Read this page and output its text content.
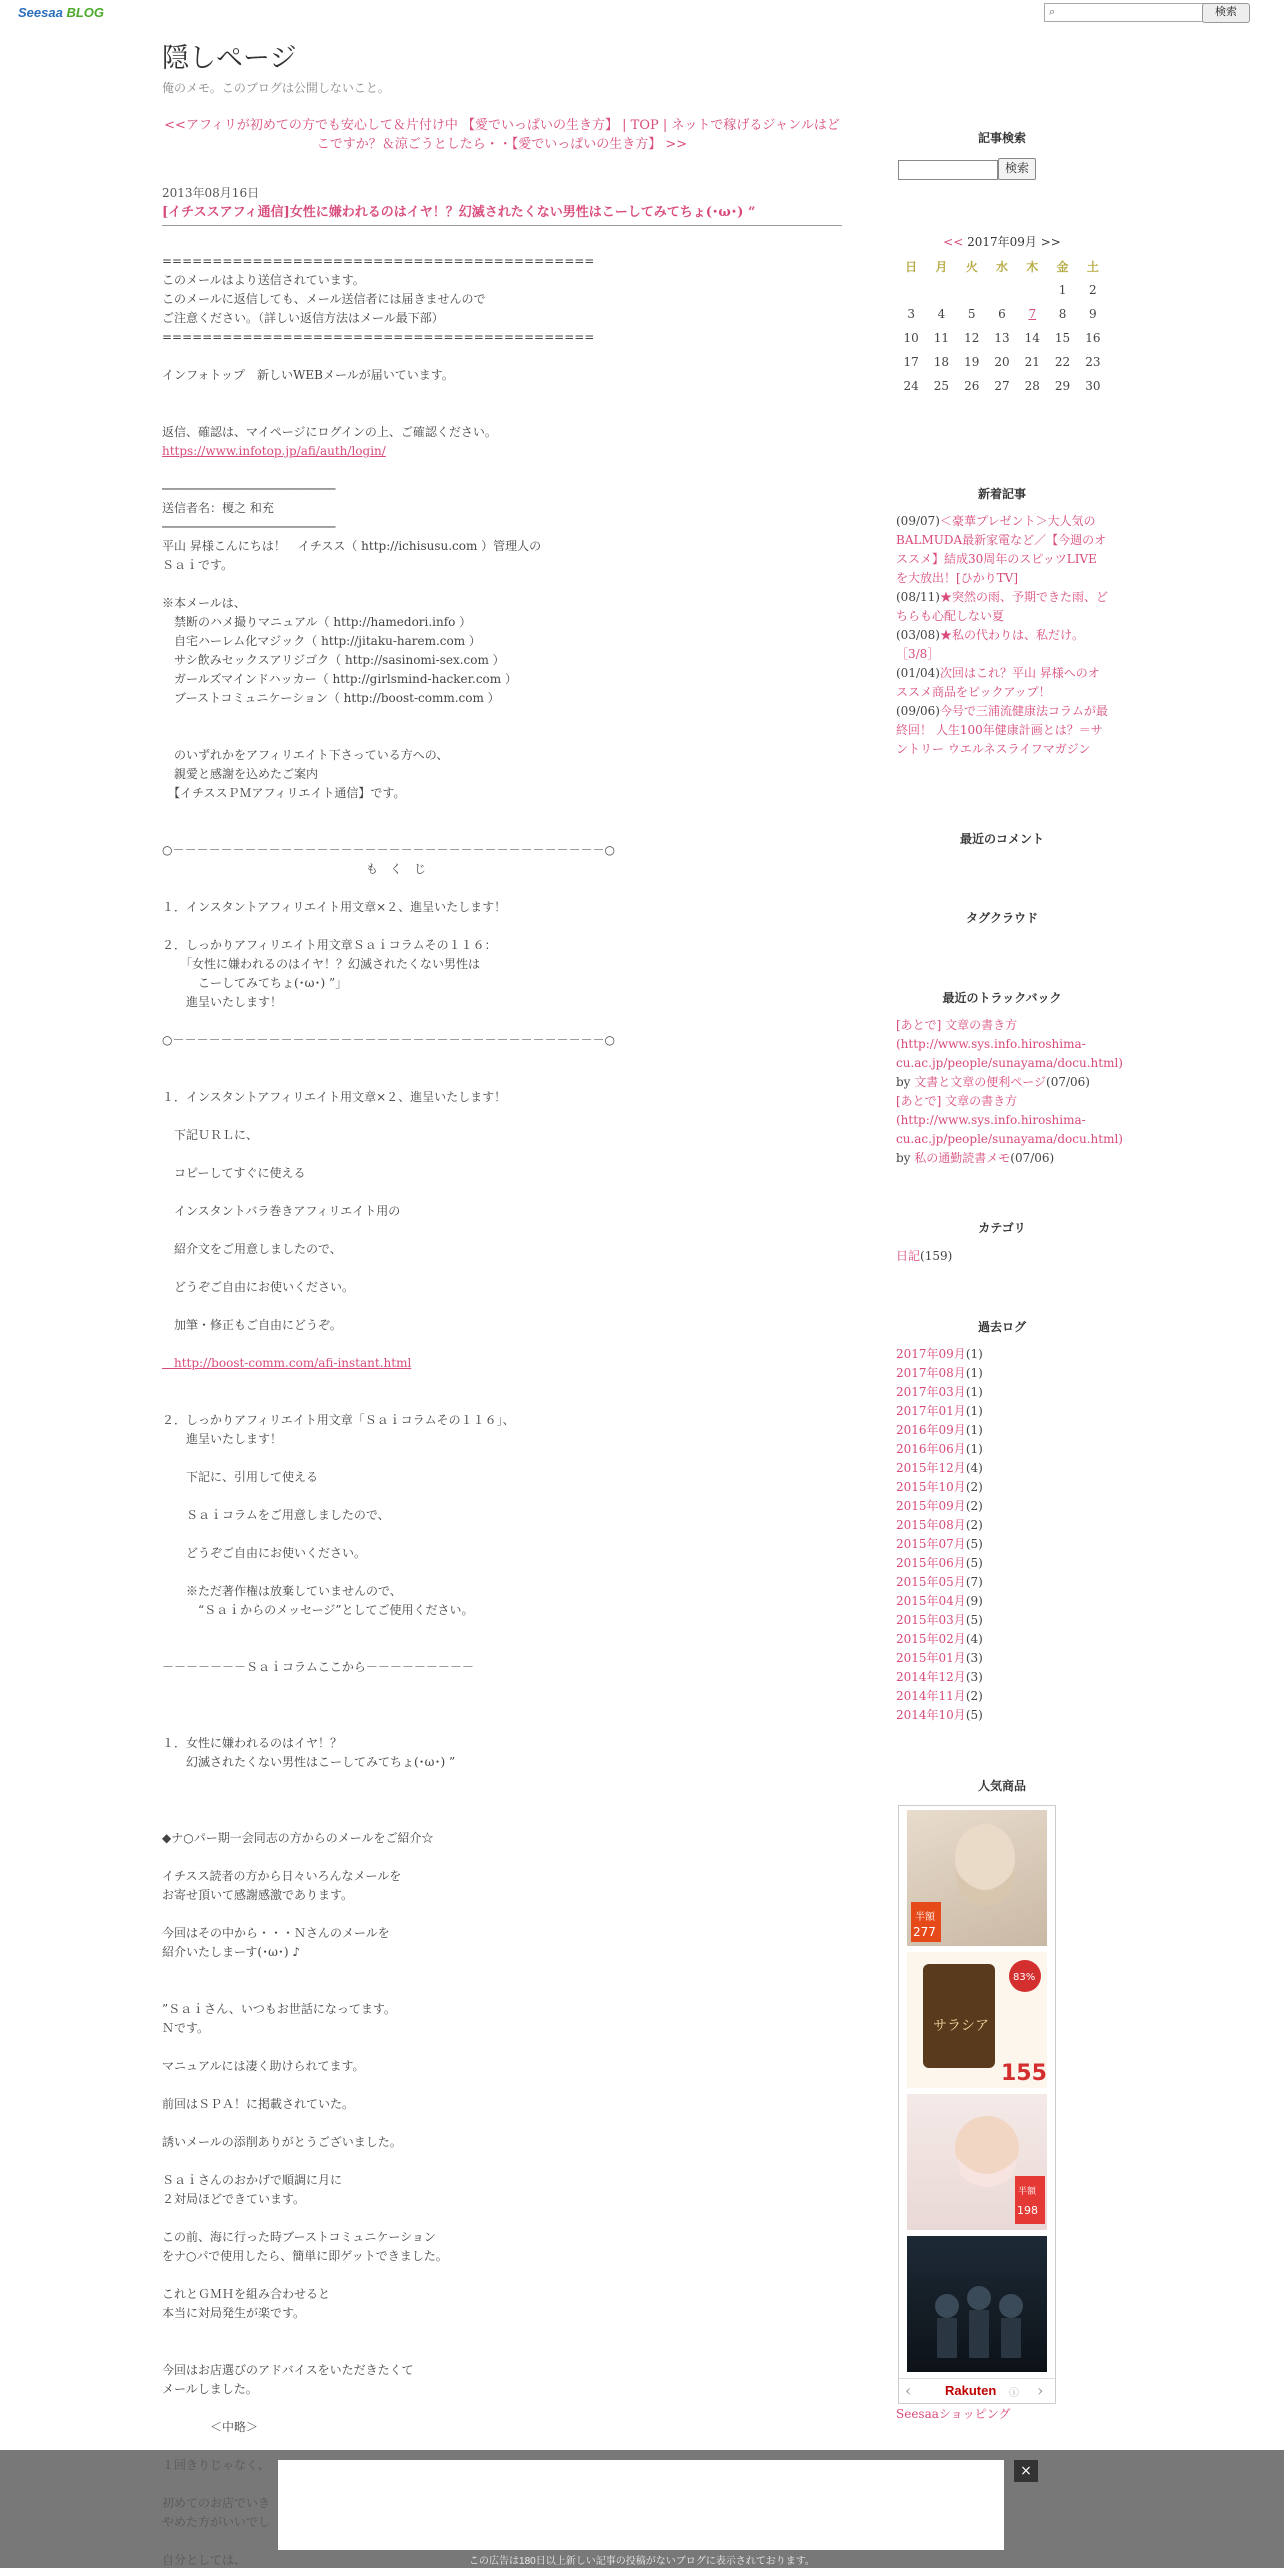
Seesaa BLOG	⌕	検索
隠しページ
俺のメモ。このブログは公開しないこと。
<<アフィリが初めての方でも安心して＆片付け中 【愛でいっぱいの生き方】 | TOP | ネットで稼げるジャンルはどこですか？＆涼ごうとしたら・・【愛でいっぱいの生き方】 >>
2013年08月16日
[イチススアフィ通信]女性に嫌われるのはイヤ！？幻滅されたくない男性はこーしてみてちょ(･ω･) ”
===========================================
このメールはより送信されています。
このメールに返信しても、メール送信者には届きませんので
ご注意ください。（詳しい返信方法はメール最下部）
===========================================
インフォトップ　新しいWEBメールが届いています。
返信、確認は、マイページにログインの上、ご確認ください。
https://www.infotop.jp/afi/auth/login/
────────────────────────
送信者名：榎之 和充
────────────────────────
平山 昇様こんにちは！　イチスス（ http://ichisusu.com ）管理人の
Ｓａｉです。
※本メールは、
　禁断のハメ撮りマニュアル（ http://hamedori.info ）
　自宅ハーレム化マジック（ http://jitaku-harem.com ）
　サシ飲みセックスアリジゴク（ http://sasinomi-sex.com ）
　ガールズマインドハッカー（ http://girlsmind-hacker.com ）
　ブーストコミュニケーション（ http://boost-comm.com ）
　のいずれかをアフィリエイト下さっている方への、
　親愛と感謝を込めたご案内
　【イチススＰＭアフィリエイト通信】です。
○－－－－－－－－－－－－－－－－－－－－－－－－－－－－－－－－－－－－○
　　　　　　　　　　　　　　　　　も　く　じ
１．インスタントアフィリエイト用文章×２、進呈いたします！
２．しっかりアフィリエイト用文章Ｓａｉコラムその１１６：
　　「女性に嫌われるのはイヤ！？幻滅されたくない男性は
　　　こーしてみてちょ(･ω･) ”」
　　進呈いたします！
○－－－－－－－－－－－－－－－－－－－－－－－－－－－－－－－－－－－－○
１．インスタントアフィリエイト用文章×２、進呈いたします！
　下記ＵＲＬに、
　コピーしてすぐに使える
　インスタントバラ巻きアフィリエイト用の
　紹介文をご用意しましたので、
　どうぞご自由にお使いください。
　加筆・修正もご自由にどうぞ。
　http://boost-comm.com/afi-instant.html
２．しっかりアフィリエイト用文章「Ｓａｉコラムその１１６」、
　　進呈いたします！
　　下記に、引用して使える
　　Ｓａｉコラムをご用意しましたので、
　　どうぞご自由にお使いください。
　　※ただ著作権は放棄していませんので、
　　　“Ｓａｉからのメッセージ”としてご使用ください。
－－－－－－－Ｓａｉコラムここから－－－－－－－－－
１．女性に嫌われるのはイヤ！？
　　幻滅されたくない男性はこーしてみてちょ(･ω･) ”
◆ナ○パー期一会同志の方からのメールをご紹介☆
イチスス読者の方から日々いろんなメールを
お寄せ頂いて感謝感激であります。
今回はその中から・・・Ｎさんのメールを
紹介いたしまーす(･ω･) ♪
”Ｓａｉさん、いつもお世話になってます。
Ｎです。
マニュアルには凄く助けられてます。
前回はＳＰＡ！に掲載されていた。
誘いメールの添削ありがとうございました。
Ｓａｉさんのおかげで順調に月に
２対局ほどできています。
この前、海に行った時ブーストコミュニケーション
をナ○パで使用したら、簡単に即ゲットできました。
これとＧＭＨを組み合わせると
本当に対局発生が楽です。
今回はお店選びのアドバイスをいただきたくて
メールしました。
　　　　＜中略＞
記事検索
検索
<< 2017年09月 >>
日	月	火	水	木	金	土
					1	2
3	4	5	6	7	8	9
10	11	12	13	14	15	16
17	18	19	20	21	22	23
24	25	26	27	28	29	30
新着記事
(09/07)＜豪華プレゼント＞大人気のBALMUDA最新家電など／【今週のオススメ】結成30周年のスピッツLIVEを大放出！[ひかりTV]
(08/11)★突然の雨、予期できた雨、どちらも心配しない夏
(03/08)★私の代わりは、私だけ。［3/8］
(01/04)次回はこれ？平山 昇様へのオススメ商品をピックアップ！
(09/06)今号で三浦流健康法コラムが最終回！ 人生100年健康計画とは？＝サントリー ウエルネスライフマガジン
最近のコメント
タグクラウド
最近のトラックバック
[あとで] 文章の書き方 (http://www.sys.info.hiroshima-cu.ac.jp/people/sunayama/docu.html)
by 文書と文章の便利ページ(07/06)
[あとで] 文章の書き方 (http://www.sys.info.hiroshima-cu.ac.jp/people/sunayama/docu.html)
by 私の通勤読書メモ(07/06)
カテゴリ
日記(159)
過去ログ
2017年09月(1)
2017年08月(1)
2017年03月(1)
2017年01月(1)
2016年09月(1)
2016年06月(1)
2015年12月(4)
2015年10月(2)
2015年09月(2)
2015年08月(2)
2015年07月(5)
2015年06月(5)
2015年05月(7)
2015年04月(9)
2015年03月(5)
2015年02月(4)
2015年01月(3)
2014年12月(3)
2014年11月(2)
2014年10月(5)
人気商品
半額
277
サラシア
83%
155
半額
198
‹	Rakuten ⓘ ›
Seesaaショッピング
×
この広告は180日以上新しい記事の投稿がないブログに表示されております。
